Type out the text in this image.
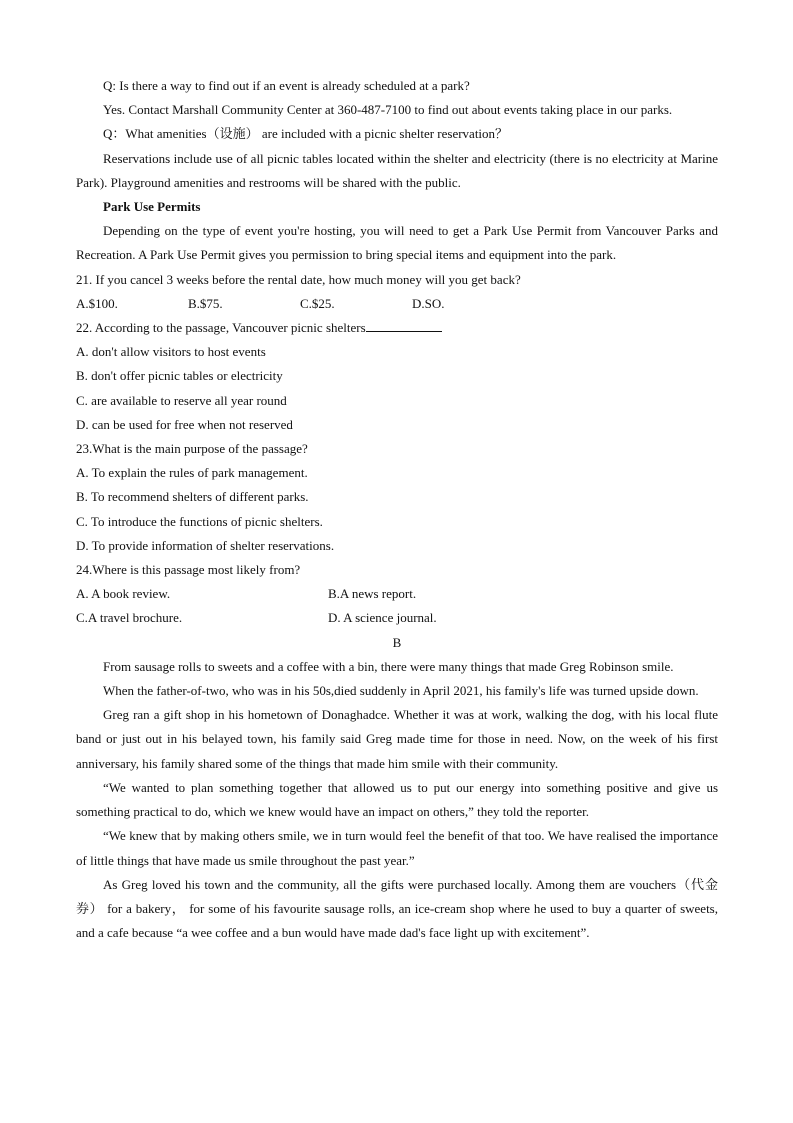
Q: Is there a way to find out if an event is already scheduled at a park?
Yes. Contact Marshall Community Center at 360-487-7100 to find out about events taking place in our parks.
Q：What amenities（设施） are included with a picnic shelter reservation？
Reservations include use of all picnic tables located within the shelter and electricity (there is no electricity at Marine Park). Playground amenities and restrooms will be shared with the public.
Park Use Permits
Depending on the type of event you're hosting, you will need to get a Park Use Permit from Vancouver Parks and Recreation. A Park Use Permit gives you permission to bring special items and equipment into the park.
21. If you cancel 3 weeks before the rental date, how much money will you get back?
A.$100.	B.$75.	C.$25.	D.SO.
22. According to the passage, Vancouver picnic shelters
A. don't allow visitors to host events
B. don't offer picnic tables or electricity
C. are available to reserve all year round
D. can be used for free when not reserved
23.What is the main purpose of the passage?
A. To explain the rules of park management.
B. To recommend shelters of different parks.
C. To introduce the functions of picnic shelters.
D. To provide information of shelter reservations.
24.Where is this passage most likely from?
A. A book review.	B.A news report.
C.A travel brochure.	D. A science journal.
B
From sausage rolls to sweets and a coffee with a bin, there were many things that made Greg Robinson smile.
When the father-of-two, who was in his 50s,died suddenly in April 2021, his family's life was turned upside down.
Greg ran a gift shop in his hometown of Donaghadce. Whether it was at work, walking the dog, with his local flute band or just out in his belayed town, his family said Greg made time for those in need. Now, on the week of his first anniversary, his family shared some of the things that made him smile with their community.
“We wanted to plan something together that allowed us to put our energy into something positive and give us something practical to do, which we knew would have an impact on others,” they told the reporter.
“We knew that by making others smile, we in turn would feel the benefit of that too. We have realised the importance of little things that have made us smile throughout the past year.”
As Greg loved his town and the community, all the gifts were purchased locally. Among them are vouchers（代金券） for a bakery， for some of his favourite sausage rolls, an ice-cream shop where he used to buy a quarter of sweets, and a cafe because “a wee coffee and a bun would have made dad's face light up with excitement”.
